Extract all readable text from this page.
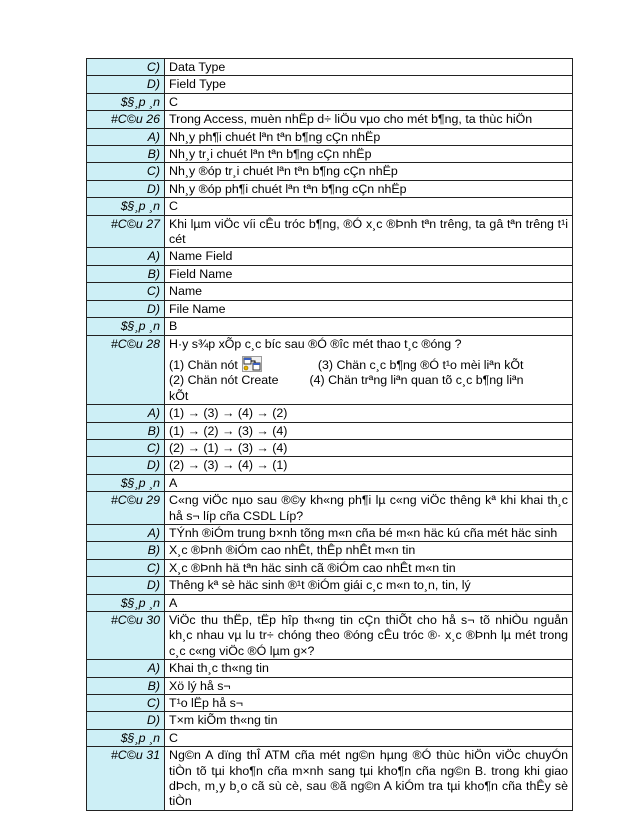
C)	Data Type
D)	Field Type
$§¸p ¸n	C
#C©u 26	Trong Access, muèn nhËp d÷ liÖu vµo cho mét b¶ng, ta thùc hiÖn
A)	Nh¸y ph¶i chuét lªn tªn b¶ng cÇn nhËp
B)	Nh¸y tr¸i chuét lªn tªn b¶ng cÇn nhËp
C)	Nh¸y ®óp tr¸i chuét lªn tªn b¶ng cÇn nhËp
D)	Nh¸y ®óp ph¶i chuét lªn tªn b¶ng cÇn nhËp
$§¸p ¸n	C
#C©u 27	Khi lµm viÖc víi cÊu tróc b¶ng, ®Ó x¸c ®Þnh tªn trêng, ta gâ tªn trêng t¹i cét
A)	Name Field
B)	Field Name
C)	Name
D)	File Name
$§¸p ¸n	B
#C©u 28	H·y s¾p xÕp c¸c bíc sau ®Ó ®îc mét thao t¸c ®óng ?
(1) Chän nót (3) Chän c¸c b¶ng ®Ó t¹o mèi liªn kÕt
(2) Chän nót Create (4) Chän trªng liªn quan tõ c¸c b¶ng liªn
kÕt

A)	(1) → (3) → (4) → (2)
B)	(1) → (2) → (3) → (4)
C)	(2) → (1) → (3) → (4)
D)	(2) → (3) → (4) → (1)
$§¸p ¸n	A
#C©u 29	C«ng viÖc nµo sau ®©y kh«ng ph¶i lµ c«ng viÖc thêng kª khi khai th¸c hå s¬ líp cña CSDL Líp?
A)	TÝnh ®iÓm trung b×nh tõng m«n cña bé m«n häc kú cña mét häc sinh
B)	X¸c ®Þnh ®iÓm cao nhÊt, thÊp nhÊt m«n tin
C)	X¸c ®Þnh hä tªn häc sinh cã ®iÓm cao nhÊt m«n tin
D)	Thêng kª sè häc sinh ®¹t ®iÓm giái c¸c m«n to¸n, tin, lý
$§¸p ¸n	A
#C©u 30	ViÖc thu thËp, tËp hîp th«ng tin cÇn thiÕt cho hå s¬ tõ nhiÒu nguån kh¸c nhau vµ lu tr÷ chóng theo ®óng cÊu tróc ®· x¸c ®Þnh lµ mét trong c¸c c«ng viÖc ®Ó lµm g×?
A)	Khai th¸c th«ng tin
B)	Xö lý hå s¬
C)	T¹o lËp hå s¬
D)	T×m kiÕm th«ng tin
$§¸p ¸n	C
#C©u 31	Ng©n A dïng thÎ ATM cña mét ng©n hµng ®Ó thùc hiÖn viÖc chuyÓn tiÒn tõ tµi kho¶n cña m×nh sang tµi kho¶n cña ng©n B. trong khi giao dÞch, m¸y b¸o cã sù cè, sau ®ã ng©n A kiÓm tra tµi kho¶n cña thÊy sè tiÒn
